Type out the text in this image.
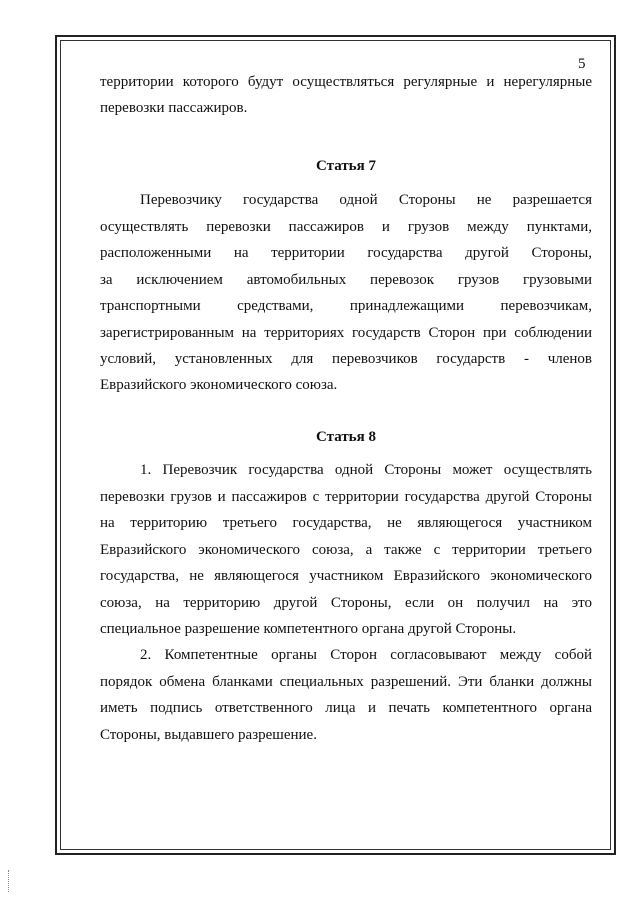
5
территории которого будут осуществляться регулярные и нерегулярные
перевозки пассажиров.
Статья 7
Перевозчику государства одной Стороны не разрешается
осуществлять перевозки пассажиров и грузов между пунктами,
расположенными на территории государства другой Стороны,
за исключением автомобильных перевозок грузов грузовыми
транспортными средствами, принадлежащими перевозчикам,
зарегистрированным на территориях государств Сторон при соблюдении
условий, установленных для перевозчиков государств - членов
Евразийского экономического союза.
Статья 8
1. Перевозчик государства одной Стороны может осуществлять
перевозки грузов и пассажиров с территории государства другой Стороны
на территорию третьего государства, не являющегося участником
Евразийского экономического союза, а также с территории третьего
государства, не являющегося участником Евразийского экономического
союза, на территорию другой Стороны, если он получил на это
специальное разрешение компетентного органа другой Стороны.
2. Компетентные органы Сторон согласовывают между собой
порядок обмена бланками специальных разрешений. Эти бланки должны
иметь подпись ответственного лица и печать компетентного органа
Стороны, выдавшего разрешение.
